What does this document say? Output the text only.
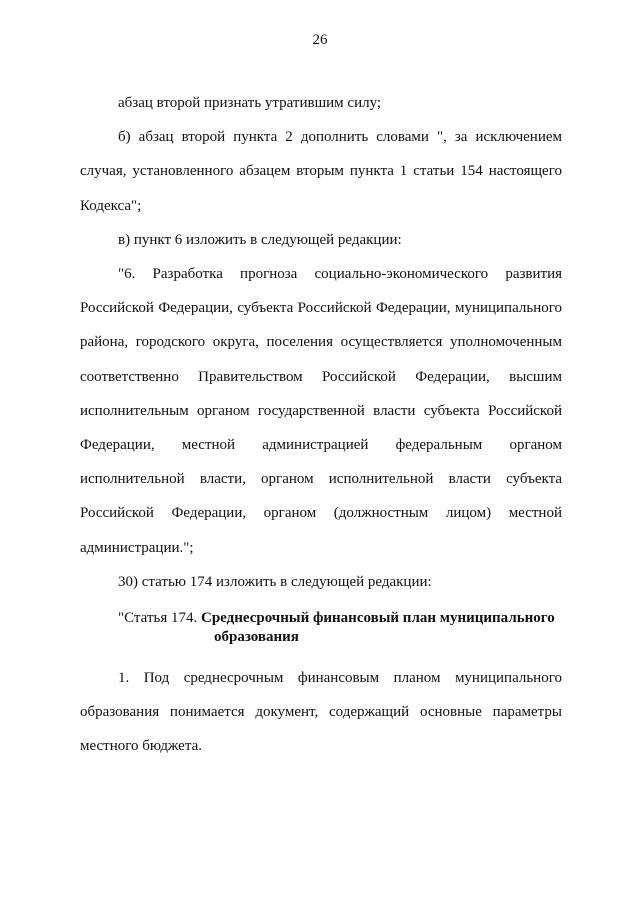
26

абзац второй признать утратившим силу;

б) абзац второй пункта 2 дополнить словами ", за исключением случая, установленного абзацем вторым пункта 1 статьи 154 настоящего Кодекса";

в) пункт 6 изложить в следующей редакции:

"6. Разработка прогноза социально-экономического развития Российской Федерации, субъекта Российской Федерации, муниципального района, городского округа, поселения осуществляется уполномоченным соответственно Правительством Российской Федерации, высшим исполнительным органом государственной власти субъекта Российской Федерации, местной администрацией федеральным органом исполнительной власти, органом исполнительной власти субъекта Российской Федерации, органом (должностным лицом) местной администрации.";

30) статью 174 изложить в следующей редакции:

"Статья 174. Среднесрочный финансовый план муниципального
образования

1. Под среднесрочным финансовым планом муниципального образования понимается документ, содержащий основные параметры местного бюджета.
